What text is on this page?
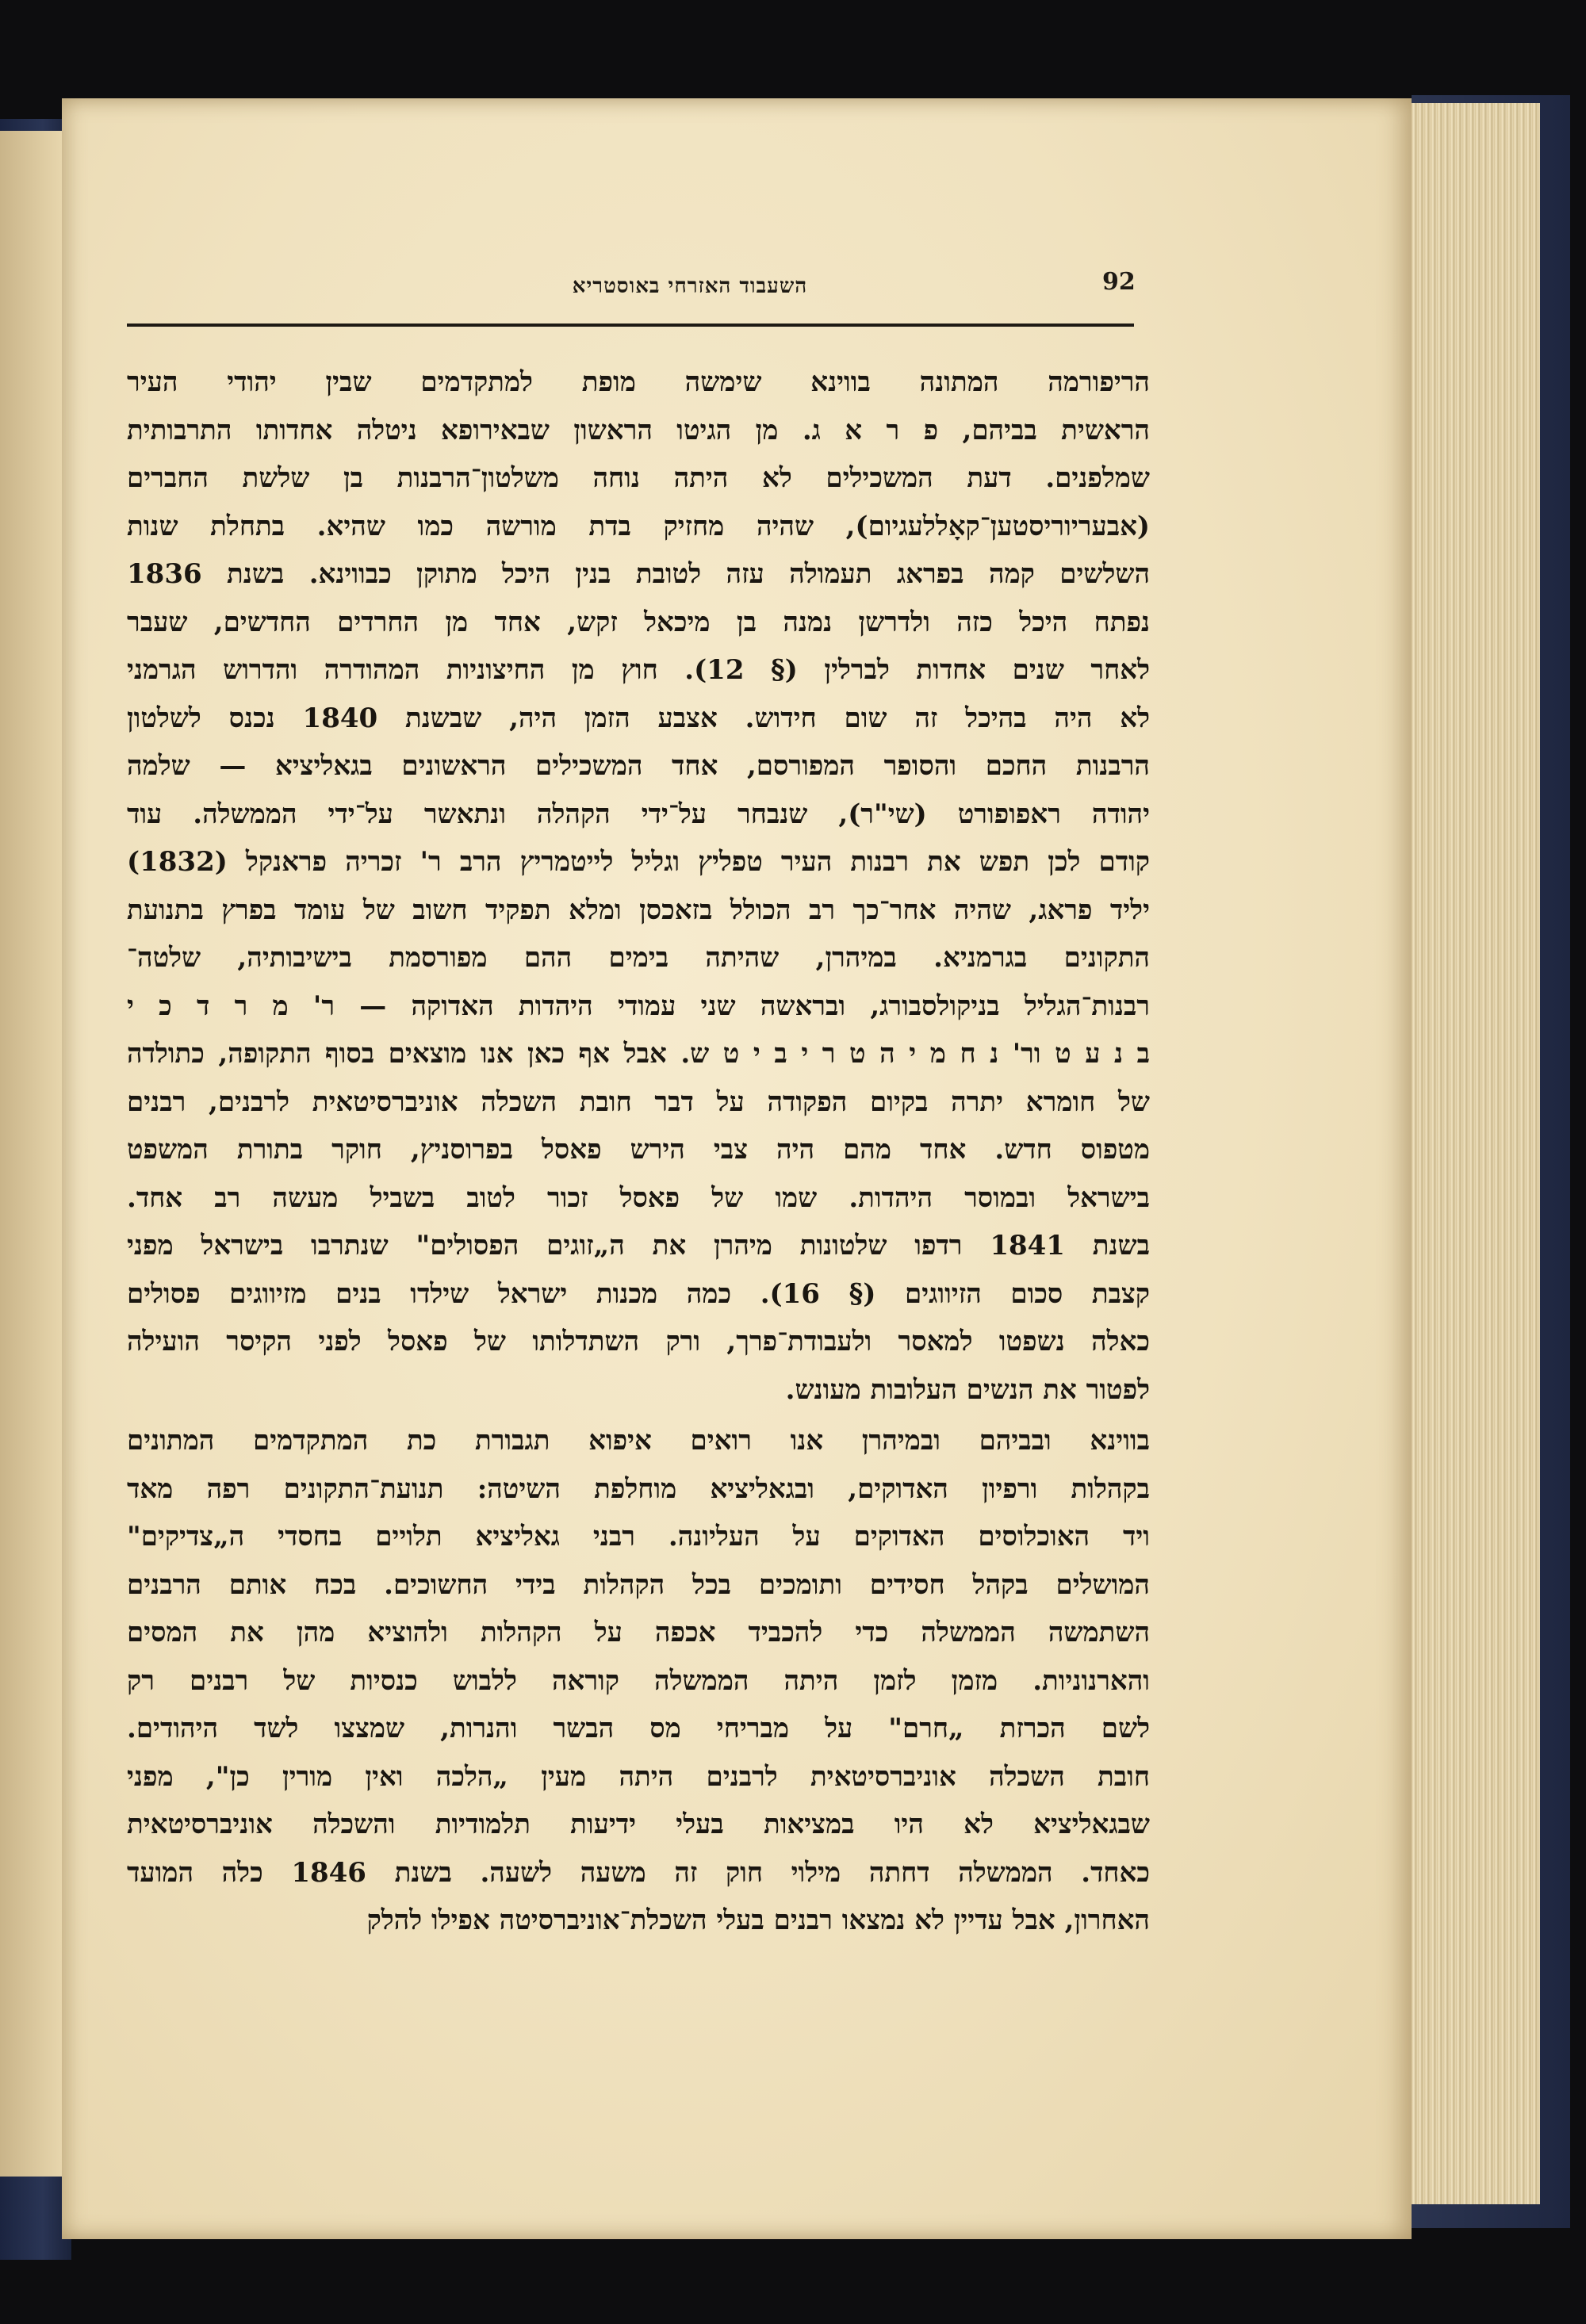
92
השעבוד האזרחי באוסטריא
הריפורמה המתונה בווינא שימשה מופת למתקדמים שבין יהודי העיר
הראשית בביהם, פ ר א ג. מן הגיטו הראשון שבאירופא ניטלה אחדותו התרבותית
שמלפנים. דעת המשכילים לא היתה נוחה משלטון־הרבנות בן שלשת החברים
(אבעריוריסטען־קאָללעגיום), שהיה מחזיק בדת מורשה כמו שהיא. בתחלת שנות
השלשים קמה בפראג תעמולה עזה לטובת בנין היכל מתוקן כבווינא. בשנת 1836
נפתח היכל כזה ולדרשן נמנה בן מיכאל זקש, אחד מן החרדים החדשים, שעבר
לאחר שנים אחדות לברלין (§ 12). חוץ מן החיצוניות המהודרה והדרוש הגרמני
לא היה בהיכל זה שום חידוש. אצבע הזמן היה, שבשנת 1840 נכנס לשלטון
הרבנות החכם והסופר המפורסם, אחד המשכילים הראשונים בגאליציא — שלמה
יהודה ראפופורט (שי"ר), שנבחר על־ידי הקהלה ונתאשר על־ידי הממשלה. עוד
קודם לכן תפש את רבנות העיר טפליץ וגליל לייטמריץ הרב ר' זכריה פראנקל (1832)
יליד פראג, שהיה אחר־כך רב הכולל בזאכסן ומלא תפקיד חשוב של עומד בפרץ בתנועת
התקונים בגרמניא. במיהרן, שהיתה בימים ההם מפורסמת בישיבותיה, שלטה־
רבנות־הגליל בניקולסבורג, ובראשה שני עמודי היהדות האדוקה — ר' מ ר ד כ י
ב נ ע ט ור' נ ח מ י ה ט ר י ב י ט ש. אבל אף כאן אנו מוצאים בסוף התקופה, כתולדה
של חומרא יתרה בקיום הפקודה על דבר חובת השכלה אוניברסיטאית לרבנים, רבנים
מטפוס חדש. אחד מהם היה צבי הירש פאסל בפרוסניץ, חוקר בתורת המשפט
בישראל ובמוסר היהדות. שמו של פאסל זכור לטוב בשביל מעשה רב אחד.
בשנת 1841 רדפו שלטונות מיהרן את ה„זוגים הפסולים" שנתרבו בישראל מפני
קצבת סכום הזיווגים (§ 16). כמה מכנות ישראל שילדו בנים מזיווגים פסולים
כאלה נשפטו למאסר ולעבודת־פרך, ורק השתדלותו של פאסל לפני הקיסר הועילה
לפטור את הנשים העלובות מעונש.
בווינא ובביהם ובמיהרן אנו רואים איפוא תגבורת כת המתקדמים המתונים
בקהלות ורפיון האדוקים, ובגאליציא מוחלפת השיטה: תנועת־התקונים רפה מאד
ויד האוכלוסים האדוקים על העליונה. רבני גאליציא תלויים בחסדי ה„צדיקים"
המושלים בקהל חסידים ותומכים בכל הקהלות בידי החשוכים. בכח אותם הרבנים
השתמשה הממשלה כדי להכביד אכפה על הקהלות ולהוציא מהן את המסים
והארנוניות. מזמן לזמן היתה הממשלה קוראה ללבוש כנסיות של רבנים רק
לשם הכרזת „חרם" על מבריחי מס הבשר והנרות, שמצצו לשד היהודים.
חובת השכלה אוניברסיטאית לרבנים היתה מעין „הלכה ואין מורין כן", מפני
שבגאליציא לא היו במציאות בעלי ידיעות תלמודיות והשכלה אוניברסיטאית
כאחד. הממשלה דחתה מילוי חוק זה משעה לשעה. בשנת 1846 כלה המועד
האחרון, אבל עדיין לא נמצאו רבנים בעלי השכלת־אוניברסיטה אפילו להלק
